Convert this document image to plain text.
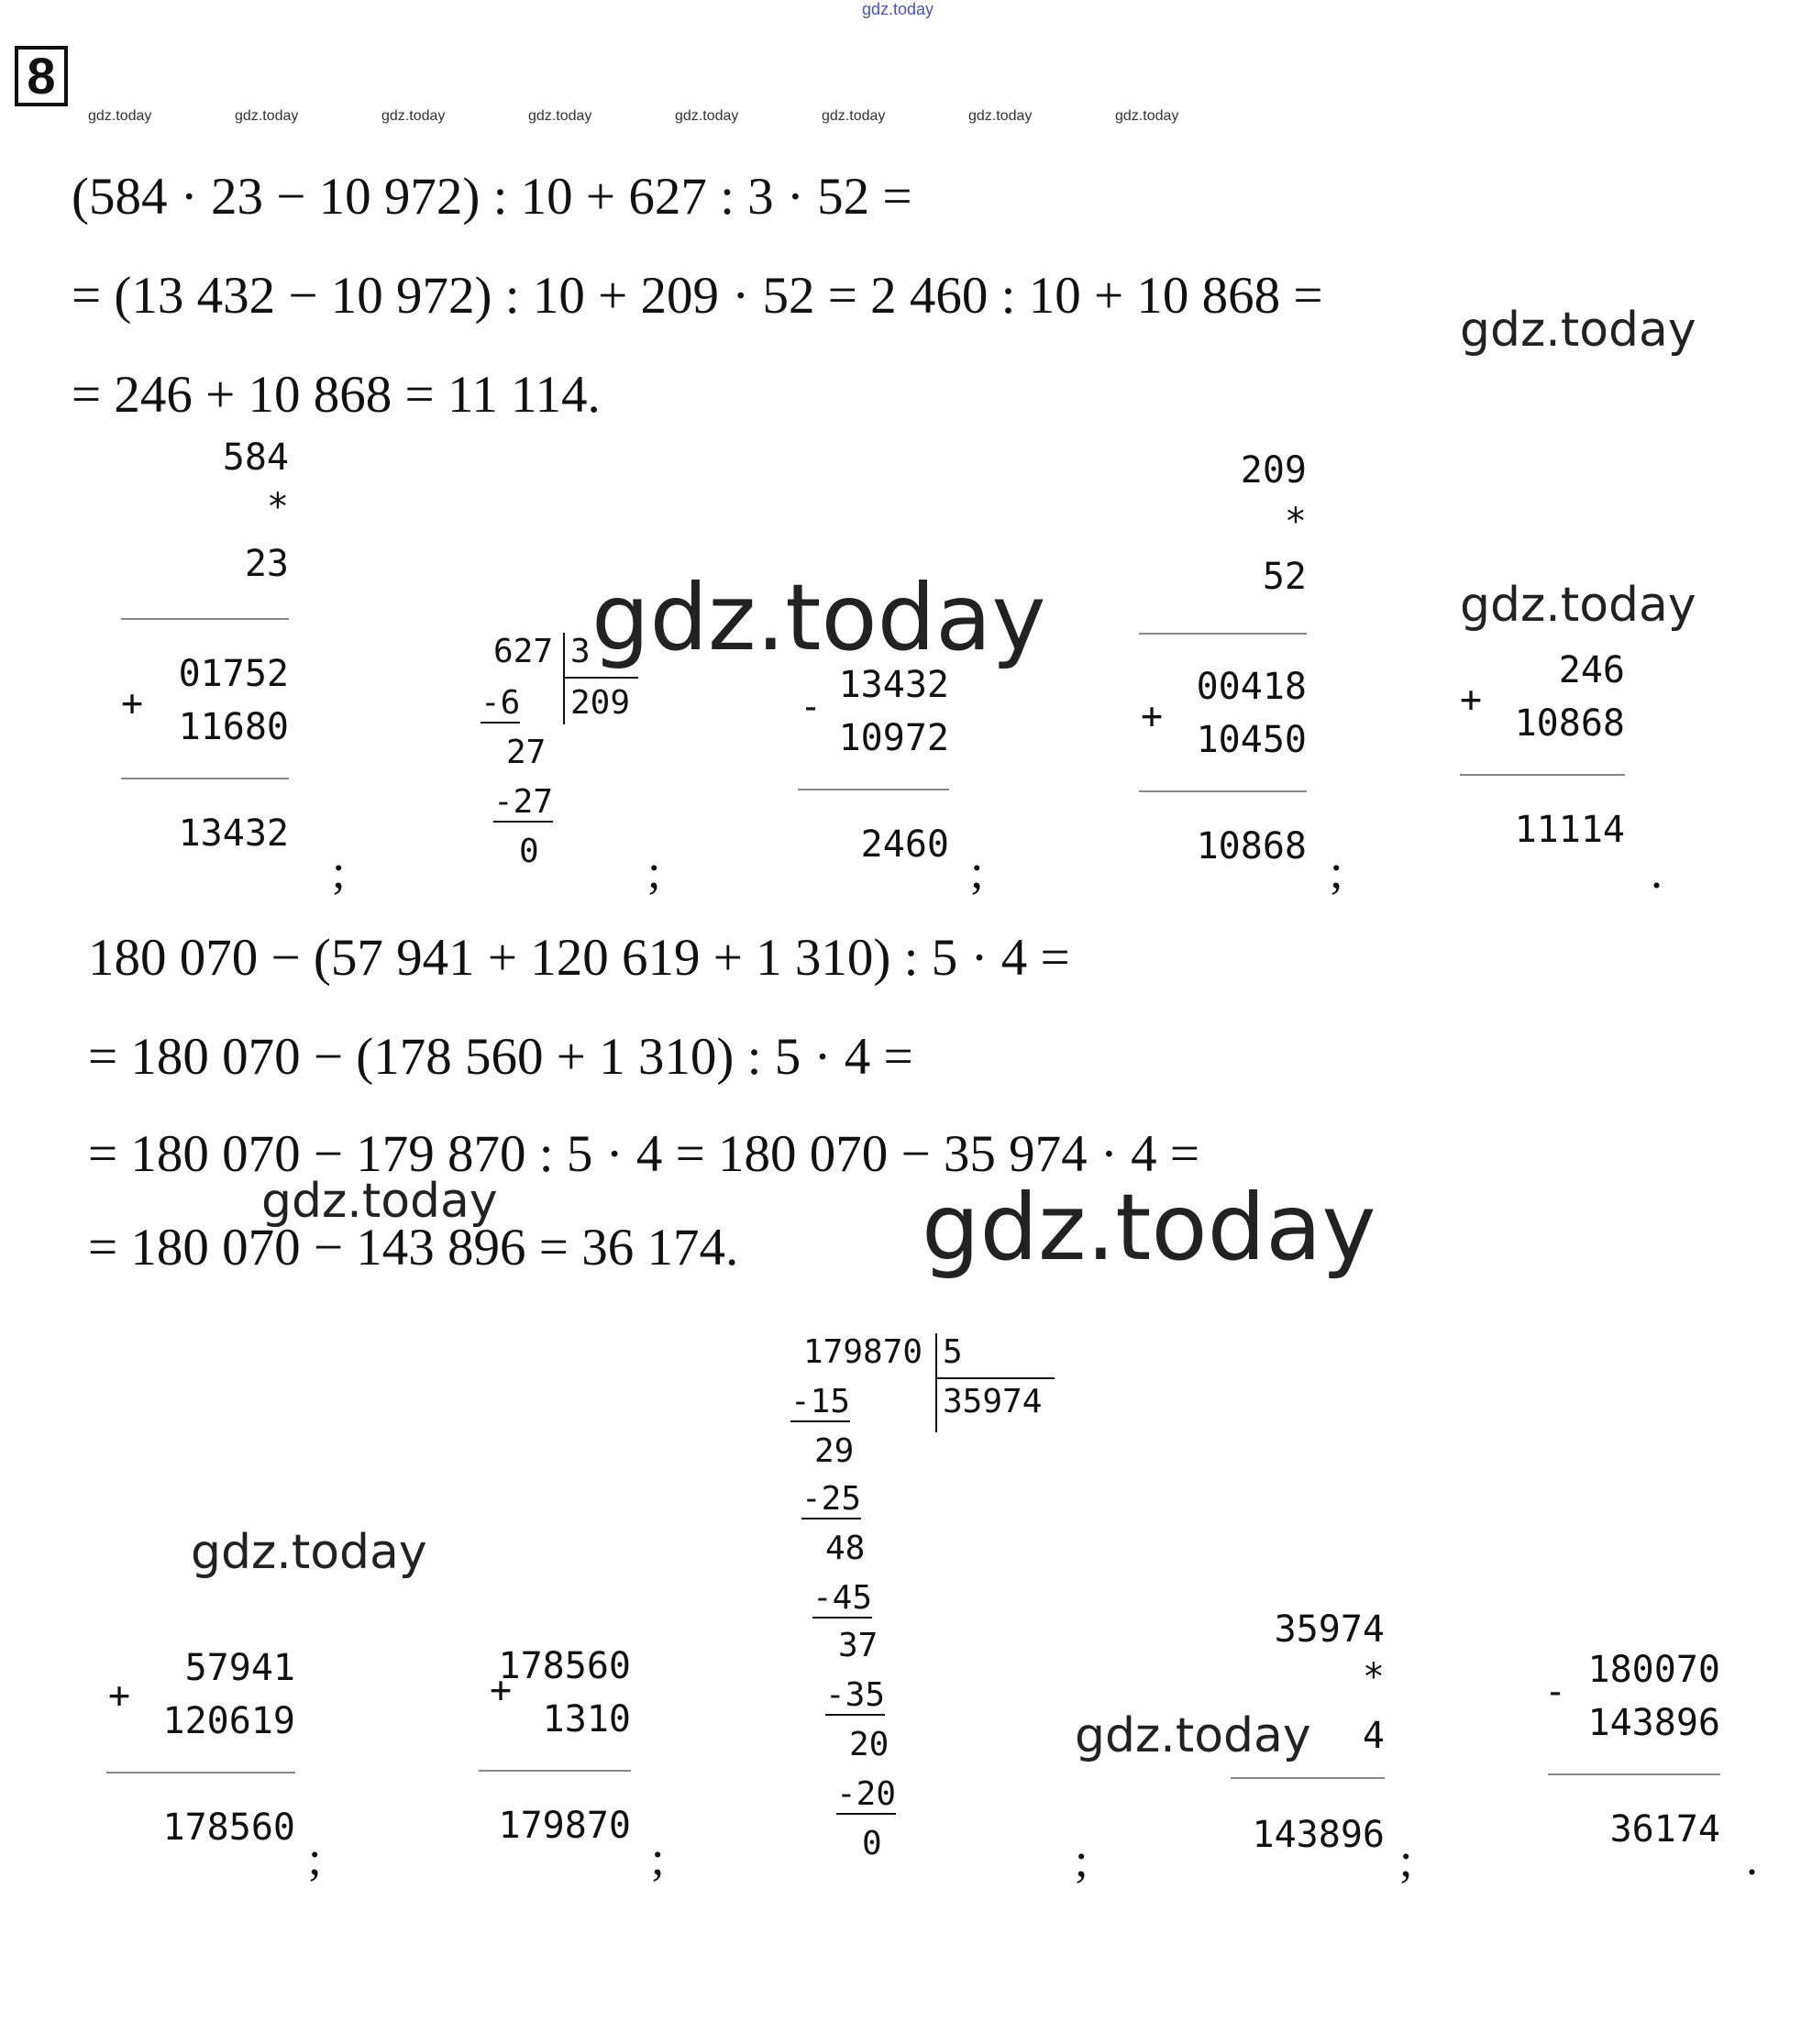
gdz.today
gdz.today	gdz.today	gdz.today	gdz.today	gdz.today	gdz.today	gdz.today	gdz.today
gdz.today
gdz.today
gdz.today
gdz.today	gdz.today
gdz.today
gdz.today
8
(584 · 23 − 10 972) : 10 + 627 : 3 · 52 =
= (13 432 − 10 972) : 10 + 209 · 52 = 2 460 : 10 + 10 868 =
= 246 + 10 868 = 11 114.
584
*
23
01752
+
11680
13432
;
627 3
209
-6
27
-27
0 ;
-
13432
10972
2460
;
209
*
52
00418
+
10450
10868 ;
246
+
10868
11114
.
180 070 − (57 941 + 120 619 + 1 310) : 5 · 4 =
= 180 070 − (178 560 + 1 310) : 5 · 4 =
= 180 070 − 179 870 : 5 · 4 = 180 070 − 35 974 · 4 =
= 180 070 − 143 896 = 36 174.
179870 5
35974
-15
29
-25
48
-45
37
-35
20
-20
0	;
57941
+
120619
178560
;
178560
+
1310
179870
;
35974
*
4
143896 ;
-
180070
143896
36174
.
